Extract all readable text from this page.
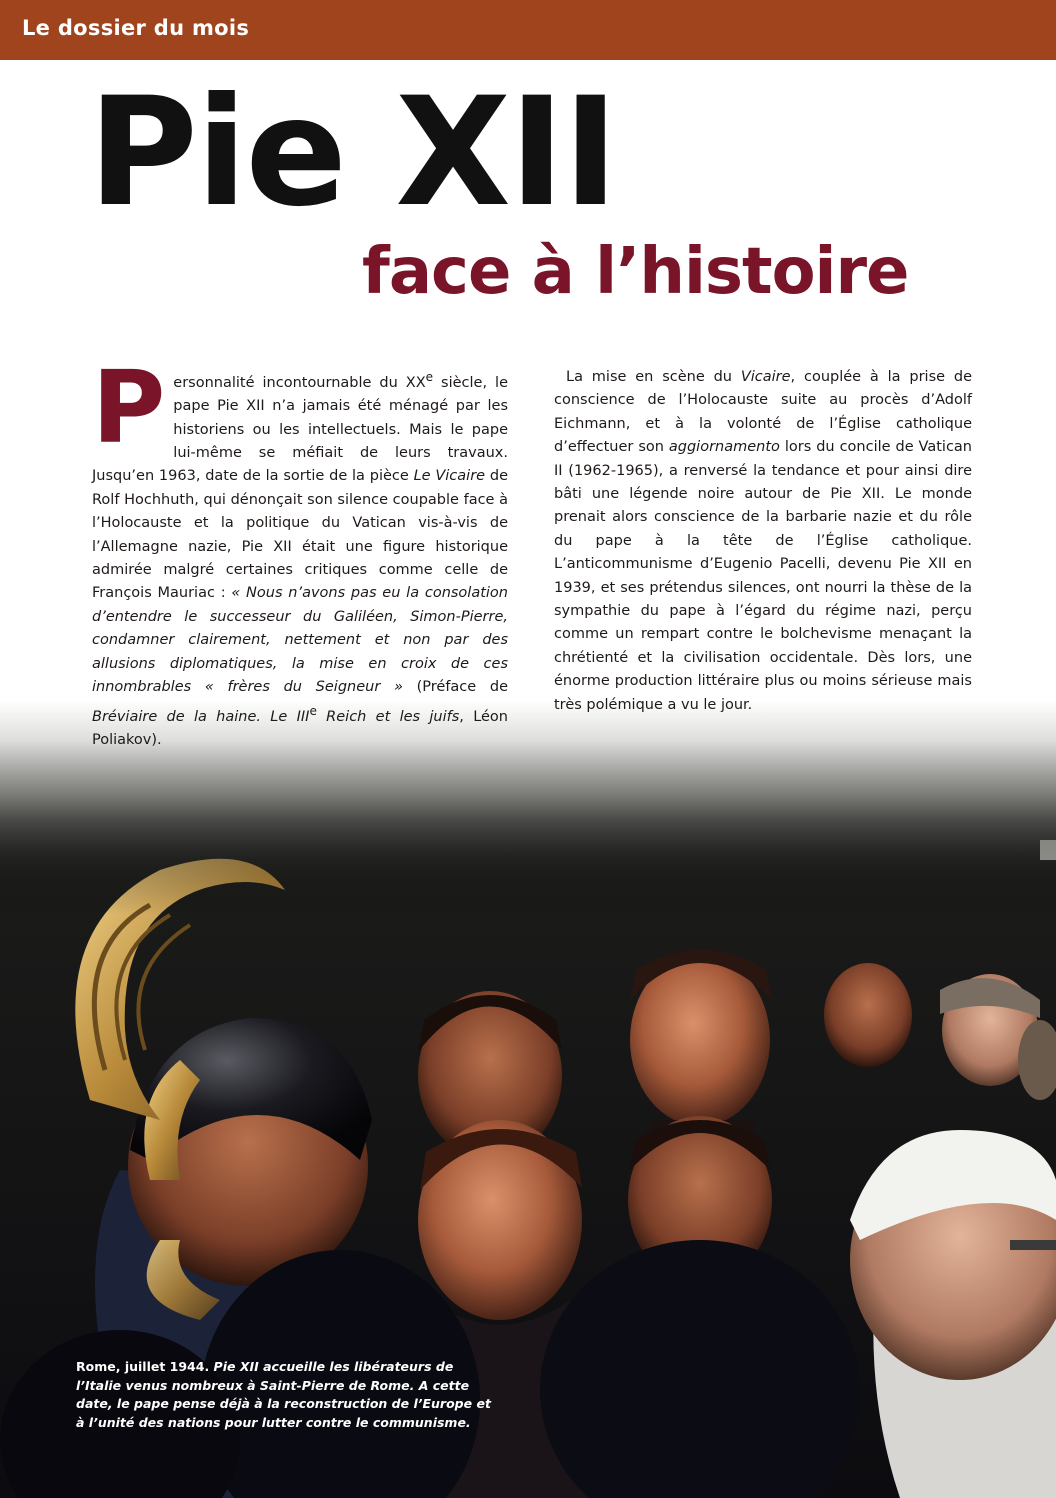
Le dossier du mois
Pie XII
face à l’histoire
P ersonnalité incontournable du XXe siècle, le pape Pie XII n’a jamais été ménagé par les historiens ou les intellectuels. Mais le pape lui-même se méfiait de leurs travaux. Jusqu’en 1963, date de la sortie de la pièce Le Vicaire de Rolf Hochhuth, qui dénonçait son silence coupable face à l’Holocauste et la politique du Vatican vis-à-vis de l’Allemagne nazie, Pie XII était une figure historique admirée malgré certaines critiques comme celle de François Mauriac : « Nous n’avons pas eu la consolation d’entendre le successeur du Galiléen, Simon-Pierre, condamner clairement, nettement et non par des allusions diplomatiques, la mise en croix de ces innombrables « frères du Seigneur » (Préface de Bréviaire de la haine. Le IIIe Reich et les juifs, Léon Poliakov).

La mise en scène du Vicaire, couplée à la prise de conscience de l’Holocauste suite au procès d’Adolf Eichmann, et à la volonté de l’Église catholique d’effectuer son aggiornamento lors du concile de Vatican II (1962-1965), a renversé la tendance et pour ainsi dire bâti une légende noire autour de Pie XII. Le monde prenait alors conscience de la barbarie nazie et du rôle du pape à la tête de l’Église catholique. L’anticommunisme d’Eugenio Pacelli, devenu Pie XII en 1939, et ses prétendus silences, ont nourri la thèse de la sympathie du pape à l’égard du régime nazi, perçu comme un rempart contre le bolchevisme menaçant la chrétienté et la civilisation occidentale. Dès lors, une énorme production littéraire plus ou moins sérieuse mais très polémique a vu le jour.

Rome, juillet 1944. Pie XII accueille les libérateurs de l’Italie venus nombreux à Saint-Pierre de Rome. A cette date, le pape pense déjà à la reconstruction de l’Europe et à l’unité des nations pour lutter contre le communisme.
